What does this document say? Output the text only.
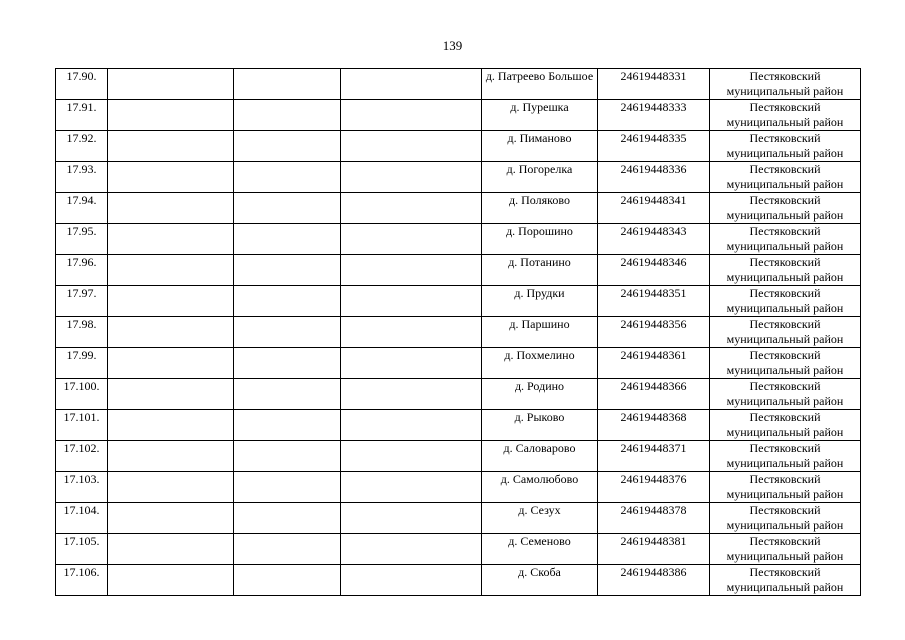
139
17.90.				д. Патреево Большое	24619448331	Пестяковский муниципальный район
17.91.				д. Пурешка	24619448333	Пестяковский муниципальный район
17.92.				д. Пиманово	24619448335	Пестяковский муниципальный район
17.93.				д. Погорелка	24619448336	Пестяковский муниципальный район
17.94.				д. Поляково	24619448341	Пестяковский муниципальный район
17.95.				д. Порошино	24619448343	Пестяковский муниципальный район
17.96.				д. Потанино	24619448346	Пестяковский муниципальный район
17.97.				д. Прудки	24619448351	Пестяковский муниципальный район
17.98.				д. Паршино	24619448356	Пестяковский муниципальный район
17.99.				д. Похмелино	24619448361	Пестяковский муниципальный район
17.100.				д. Родино	24619448366	Пестяковский муниципальный район
17.101.				д. Рыково	24619448368	Пестяковский муниципальный район
17.102.				д. Саловарово	24619448371	Пестяковский муниципальный район
17.103.				д. Самолюбово	24619448376	Пестяковский муниципальный район
17.104.				д. Сезух	24619448378	Пестяковский муниципальный район
17.105.				д. Семеново	24619448381	Пестяковский муниципальный район
17.106.				д. Скоба	24619448386	Пестяковский муниципальный район
